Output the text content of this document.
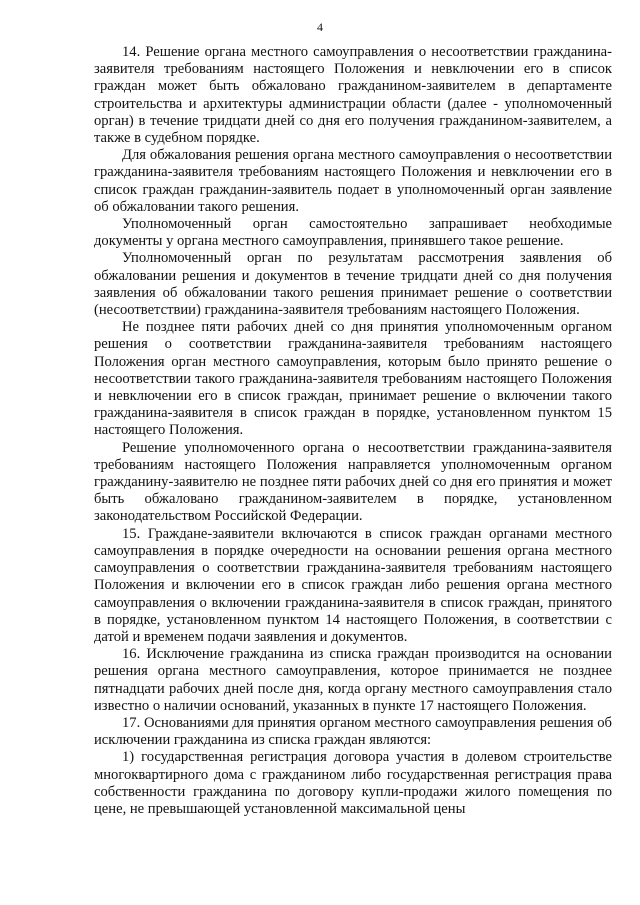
4

14. Решение органа местного самоуправления о несоответствии гражданина-заявителя требованиям настоящего Положения и невключении его в список граждан может быть обжаловано гражданином-заявителем в департаменте строительства и архитектуры администрации области (далее - уполномоченный орган) в течение тридцати дней со дня его получения гражданином-заявителем, а также в судебном порядке.

Для обжалования решения органа местного самоуправления о несоответствии гражданина-заявителя требованиям настоящего Положения и невключении его в список граждан гражданин-заявитель подает в уполномоченный орган заявление об обжаловании такого решения.

Уполномоченный орган самостоятельно запрашивает необходимые документы у органа местного самоуправления, принявшего такое решение.

Уполномоченный орган по результатам рассмотрения заявления об обжаловании решения и документов в течение тридцати дней со дня получения заявления об обжаловании такого решения принимает решение о соответствии (несоответствии) гражданина-заявителя требованиям настоящего Положения.

Не позднее пяти рабочих дней со дня принятия уполномоченным органом решения о соответствии гражданина-заявителя требованиям настоящего Положения орган местного самоуправления, которым было принято решение о несоответствии такого гражданина-заявителя требованиям настоящего Положения и невключении его в список граждан, принимает решение о включении такого гражданина-заявителя в список граждан в порядке, установленном пунктом 15 настоящего Положения.

Решение уполномоченного органа о несоответствии гражданина-заявителя требованиям настоящего Положения направляется уполномоченным органом гражданину-заявителю не позднее пяти рабочих дней со дня его принятия и может быть обжаловано гражданином-заявителем в порядке, установленном законодательством Российской Федерации.

15. Граждане-заявители включаются в список граждан органами местного самоуправления в порядке очередности на основании решения органа местного самоуправления о соответствии гражданина-заявителя требованиям настоящего Положения и включении его в список граждан либо решения органа местного самоуправления о включении гражданина-заявителя в список граждан, принятого в порядке, установленном пунктом 14 настоящего Положения, в соответствии с датой и временем подачи заявления и документов.

16. Исключение гражданина из списка граждан производится на основании решения органа местного самоуправления, которое принимается не позднее пятнадцати рабочих дней после дня, когда органу местного самоуправления стало известно о наличии оснований, указанных в пункте 17 настоящего Положения.

17. Основаниями для принятия органом местного самоуправления решения об исключении гражданина из списка граждан являются:

1) государственная регистрация договора участия в долевом строительстве многоквартирного дома с гражданином либо государственная регистрация права собственности гражданина по договору купли-продажи жилого помещения по цене, не превышающей установленной максимальной цены
